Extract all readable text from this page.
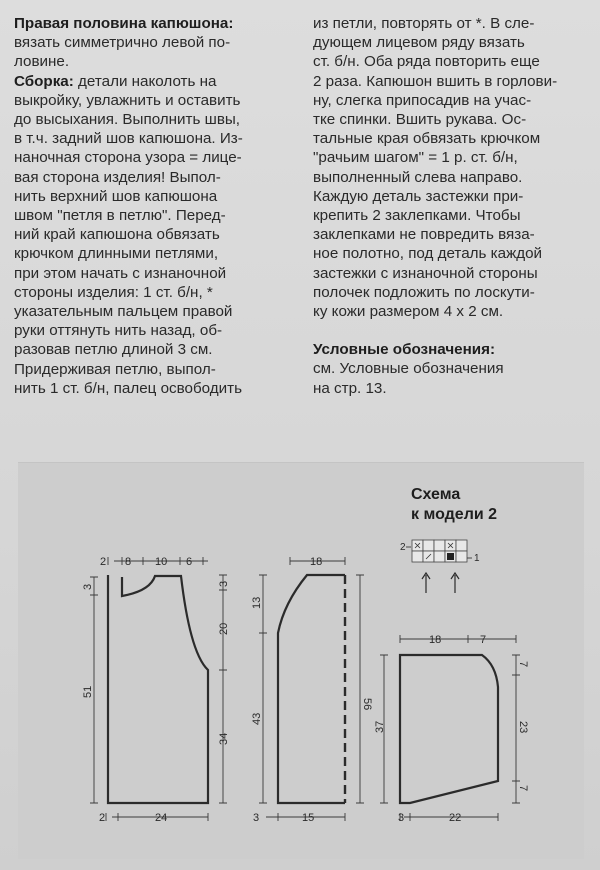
Правая половина капюшона:
вязать симметрично левой по-
ловине.

Сборка: детали наколоть на
выкройку, увлажнить и оставить
до высыхания. Выполнить швы,
в т.ч. задний шов капюшона. Из-
наночная сторона узора = лице-
вая сторона изделия! Выпол-
нить верхний шов капюшона
швом "петля в петлю". Перед-
ний край капюшона обвязать
крючком длинными петлями,
при этом начать с изнаночной
стороны изделия: 1 ст. б/н, *
указательным пальцем правой
руки оттянуть нить назад, об-
разовав петлю длиной 3 см.
Придерживая петлю, выпол-
нить 1 ст. б/н, палец освободить

из петли, повторять от *. В сле-
дующем лицевом ряду вязать
ст. б/н. Оба ряда повторить еще
2 раза. Капюшон вшить в горлови-
ну, слегка припосадив на учас-
тке спинки. Вшить рукава. Ос-
тальные края обвязать крючком
"рачьим шагом" = 1 р. ст. б/н,
выполненный слева направо.
Каждую деталь застежки при-
крепить 2 заклепками. Чтобы
заклепками не повредить вяза-
ное полотно, под деталь каждой
застежки с изнаночной стороны
полочек подложить по лоскути-
ку кожи размером 4 х 2 см.

Условные обозначения:
см. Условные обозначения
на стр. 13.

Схема
к модели 2
2
1
2 8 10 6
3
51
3
20
34
2	24
18
13
43
56
3	15
18	7
37
7
23
7
3	22
